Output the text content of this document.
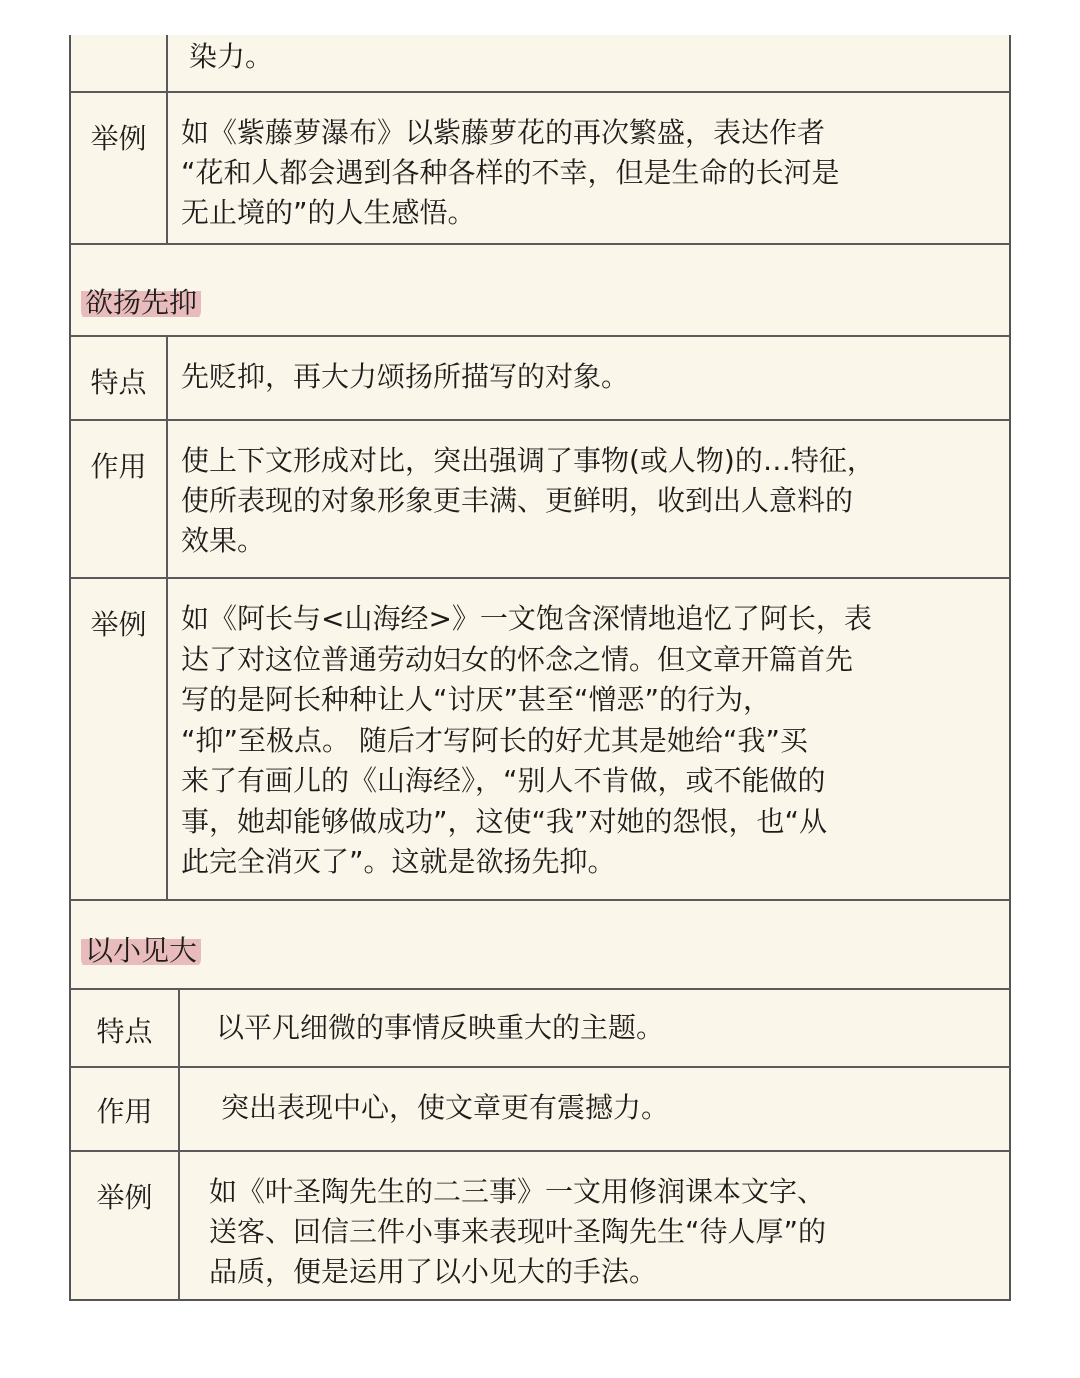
染力。
举例	如《紫藤萝瀑布》以紫藤萝花的再次繁盛，表达作者
“花和人都会遇到各种各样的不幸，但是生命的长河是
无止境的”的人生感悟。
欲扬先抑
特点	先贬抑，再大力颂扬所描写的对象。
作用	使上下文形成对比，突出强调了事物(或人物)的…特征，
使所表现的对象形象更丰满、更鲜明，收到出人意料的
效果。
举例	如《阿长与<山海经>》一文饱含深情地追忆了阿长，表
达了对这位普通劳动妇女的怀念之情。但文章开篇首先
写的是阿长种种让人“讨厌”甚至“憎恶”的行为，
“抑”至极点。 随后才写阿长的好尤其是她给“我”买
来了有画儿的《山海经》，“别人不肯做，或不能做的
事，她却能够做成功”，这使“我”对她的怨恨，也“从
此完全消灭了”。这就是欲扬先抑。
以小见大
特点	以平凡细微的事情反映重大的主题。
作用	突出表现中心，使文章更有震撼力。
举例	如《叶圣陶先生的二三事》一文用修润课本文字、
送客、回信三件小事来表现叶圣陶先生“待人厚”的
品质，便是运用了以小见大的手法。
